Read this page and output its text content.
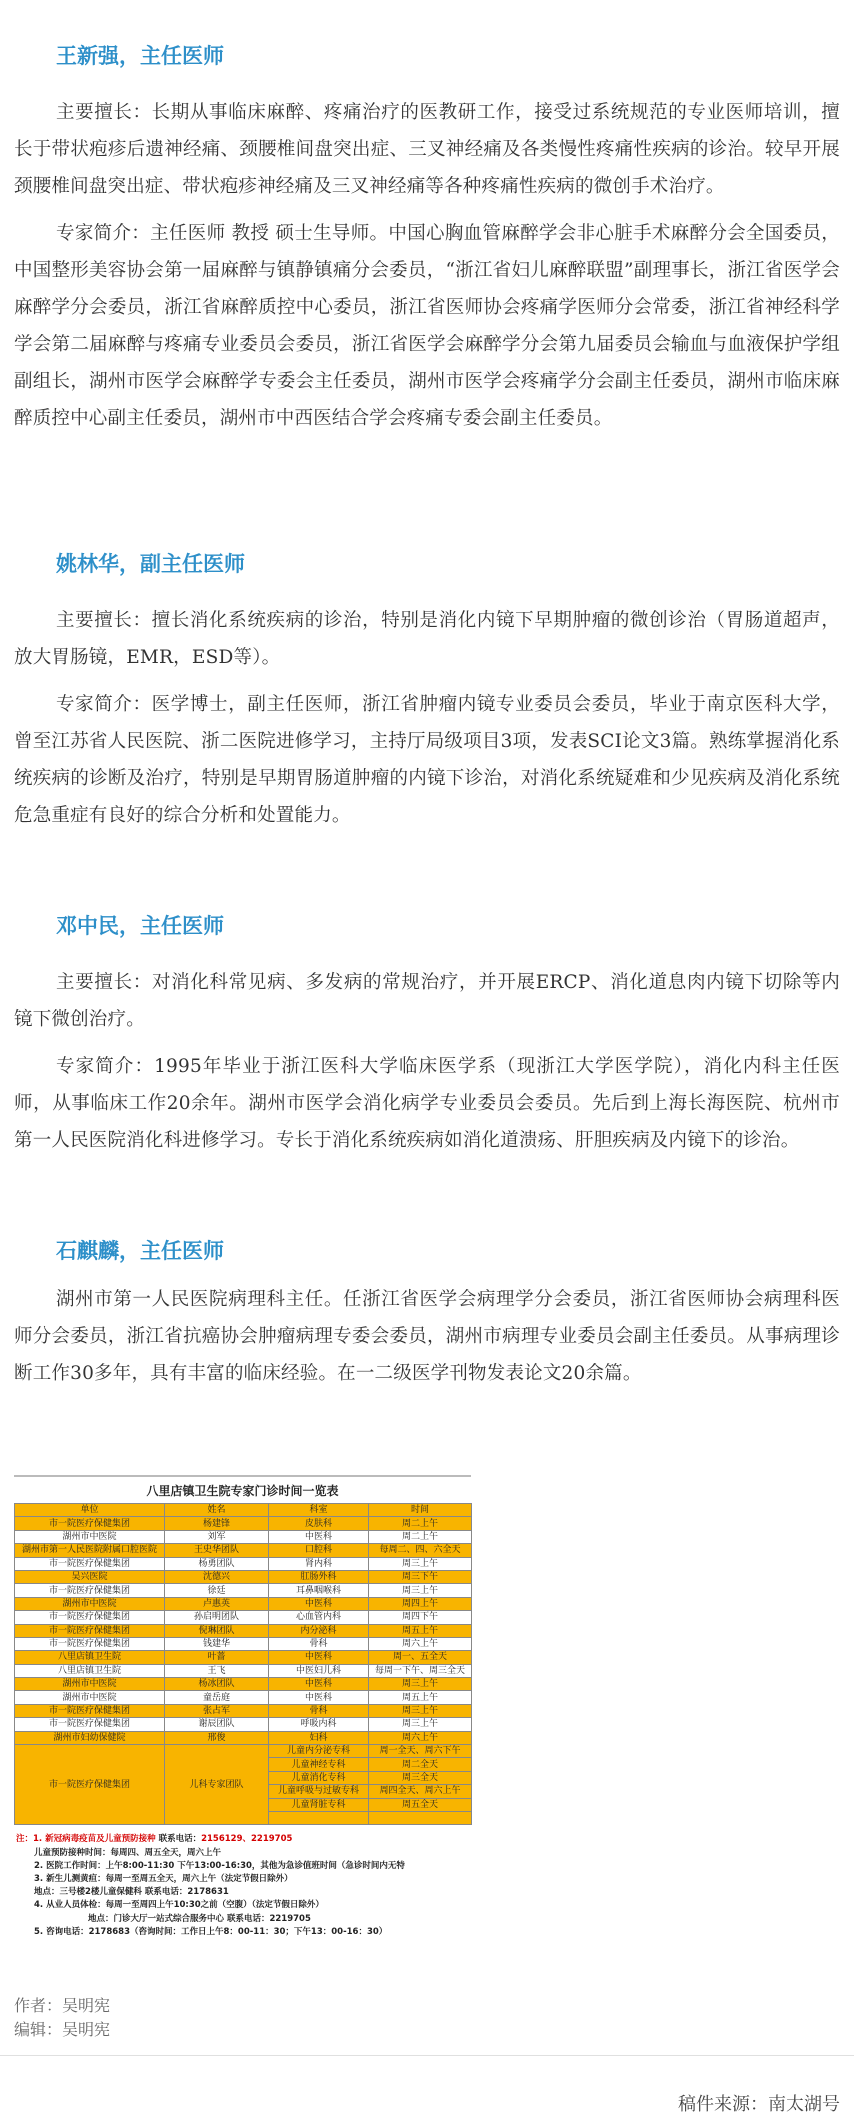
王新强，主任医师

主要擅长：长期从事临床麻醉、疼痛治疗的医教研工作，接受过系统规范的专业医师培训，擅长于带状疱疹后遗神经痛、颈腰椎间盘突出症、三叉神经痛及各类慢性疼痛性疾病的诊治。较早开展颈腰椎间盘突出症、带状疱疹神经痛及三叉神经痛等各种疼痛性疾病的微创手术治疗。

专家简介：主任医师 教授 硕士生导师。中国心胸血管麻醉学会非心脏手术麻醉分会全国委员，中国整形美容协会第一届麻醉与镇静镇痛分会委员，“浙江省妇儿麻醉联盟”副理事长，浙江省医学会麻醉学分会委员，浙江省麻醉质控中心委员，浙江省医师协会疼痛学医师分会常委，浙江省神经科学学会第二届麻醉与疼痛专业委员会委员，浙江省医学会麻醉学分会第九届委员会输血与血液保护学组副组长，湖州市医学会麻醉学专委会主任委员，湖州市医学会疼痛学分会副主任委员，湖州市临床麻醉质控中心副主任委员，湖州市中西医结合学会疼痛专委会副主任委员。

姚林华，副主任医师

主要擅长：擅长消化系统疾病的诊治，特别是消化内镜下早期肿瘤的微创诊治（胃肠道超声，放大胃肠镜，EMR，ESD等）。

专家简介：医学博士，副主任医师，浙江省肿瘤内镜专业委员会委员，毕业于南京医科大学，曾至江苏省人民医院、浙二医院进修学习，主持厅局级项目3项，发表SCI论文3篇。熟练掌握消化系统疾病的诊断及治疗，特别是早期胃肠道肿瘤的内镜下诊治，对消化系统疑难和少见疾病及消化系统危急重症有良好的综合分析和处置能力。

邓中民，主任医师

主要擅长：对消化科常见病、多发病的常规治疗，并开展ERCP、消化道息肉内镜下切除等内镜下微创治疗。

专家简介：1995年毕业于浙江医科大学临床医学系（现浙江大学医学院），消化内科主任医师，从事临床工作20余年。湖州市医学会消化病学专业委员会委员。先后到上海长海医院、杭州市第一人民医院消化科进修学习。专长于消化系统疾病如消化道溃疡、肝胆疾病及内镜下的诊治。

石麒麟，主任医师

湖州市第一人民医院病理科主任。任浙江省医学会病理学分会委员，浙江省医师协会病理科医师分会委员，浙江省抗癌协会肿瘤病理专委会委员，湖州市病理专业委员会副主任委员。从事病理诊断工作30多年，具有丰富的临床经验。在一二级医学刊物发表论文20余篇。

八里店镇卫生院专家门诊时间一览表
单位	姓名	科室	时间
市一院医疗保健集团	杨建锋	皮肤科	周二上午
湖州市中医院	刘军	中医科	周二上午
湖州市第一人民医院附属口腔医院	王史华团队	口腔科	每周二、四、六全天
市一院医疗保健集团	杨勇团队	肾内科	周三上午
吴兴医院	沈德兴	肛肠外科	周三下午
市一院医疗保健集团	徐廷	耳鼻咽喉科	周三上午
湖州市中医院	卢惠英	中医科	周四上午
市一院医疗保健集团	孙启明团队	心血管内科	周四下午
市一院医疗保健集团	倪琳团队	内分泌科	周五上午
市一院医疗保健集团	钱建华	骨科	周六上午
八里店镇卫生院	叶蔷	中医科	周一、五全天
八里店镇卫生院	王飞	中医妇儿科	每周一下午、周三全天
湖州市中医院	杨冰团队	中医科	周三上午
湖州市中医院	童岳庭	中医科	周五上午
市一院医疗保健集团	张占军	骨科	周三上午
市一院医疗保健集团	谢辰团队	呼吸内科	周三上午
湖州市妇幼保健院	邢俊	妇科	周六上午
市一院医疗保健集团	儿科专家团队	儿童内分泌专科	周一全天、周六下午
		儿童神经专科	周二全天
		儿童消化专科	周三全天
		儿童呼吸与过敏专科	周四全天、周六上午
		儿童肾脏专科	周五全天

注：1. 新冠病毒疫苗及儿童预防接种 联系电话：2156129、2219705
儿童预防接种时间：每周四、周五全天，周六上午
2. 医院工作时间：上午8:00-11:30 下午13:00-16:30，其他为急诊值班时间（急诊时间内无特
3. 新生儿测黄疸：每周一至周五全天，周六上午（法定节假日除外）
地点：三号楼2楼儿童保健科 联系电话：2178631
4. 从业人员体检：每周一至周四上午10:30之前（空腹）（法定节假日除外）
地点：门诊大厅一站式综合服务中心 联系电话：2219705
5. 咨询电话：2178683（咨询时间：工作日上午8：00-11：30；下午13：00-16：30）
作者：吴明宪
编辑：吴明宪
稿件来源：南太湖号
